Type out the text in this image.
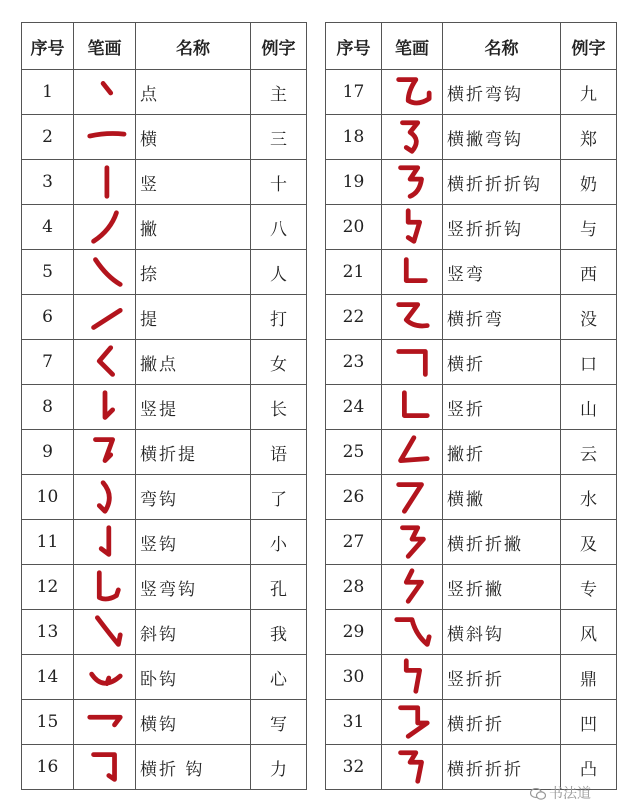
序号	笔画	名称	例字
1		点	主
2		横	三
3		竖	十
4		撇	八
5		捺	人
6		提	打
7		撇点	女
8		竖提	长
9		横折提	语
10		弯钩	了
11		竖钩	小
12		竖弯钩	孔
13		斜钩	我
14		卧钩	心
15		横钩	写
16		横折 钩	力
序号	笔画	名称	例字
17		横折弯钩	九
18		横撇弯钩	郑
19		横折折折钩	奶
20		竖折折钩	与
21		竖弯	西
22		横折弯	没
23		横折	口
24		竖折	山
25		撇折	云
26		横撇	水
27		横折折撇	及
28		竖折撇	专
29		横斜钩	风
30		竖折折	鼎
31		横折折	凹
32		横折折折	凸
书法道
